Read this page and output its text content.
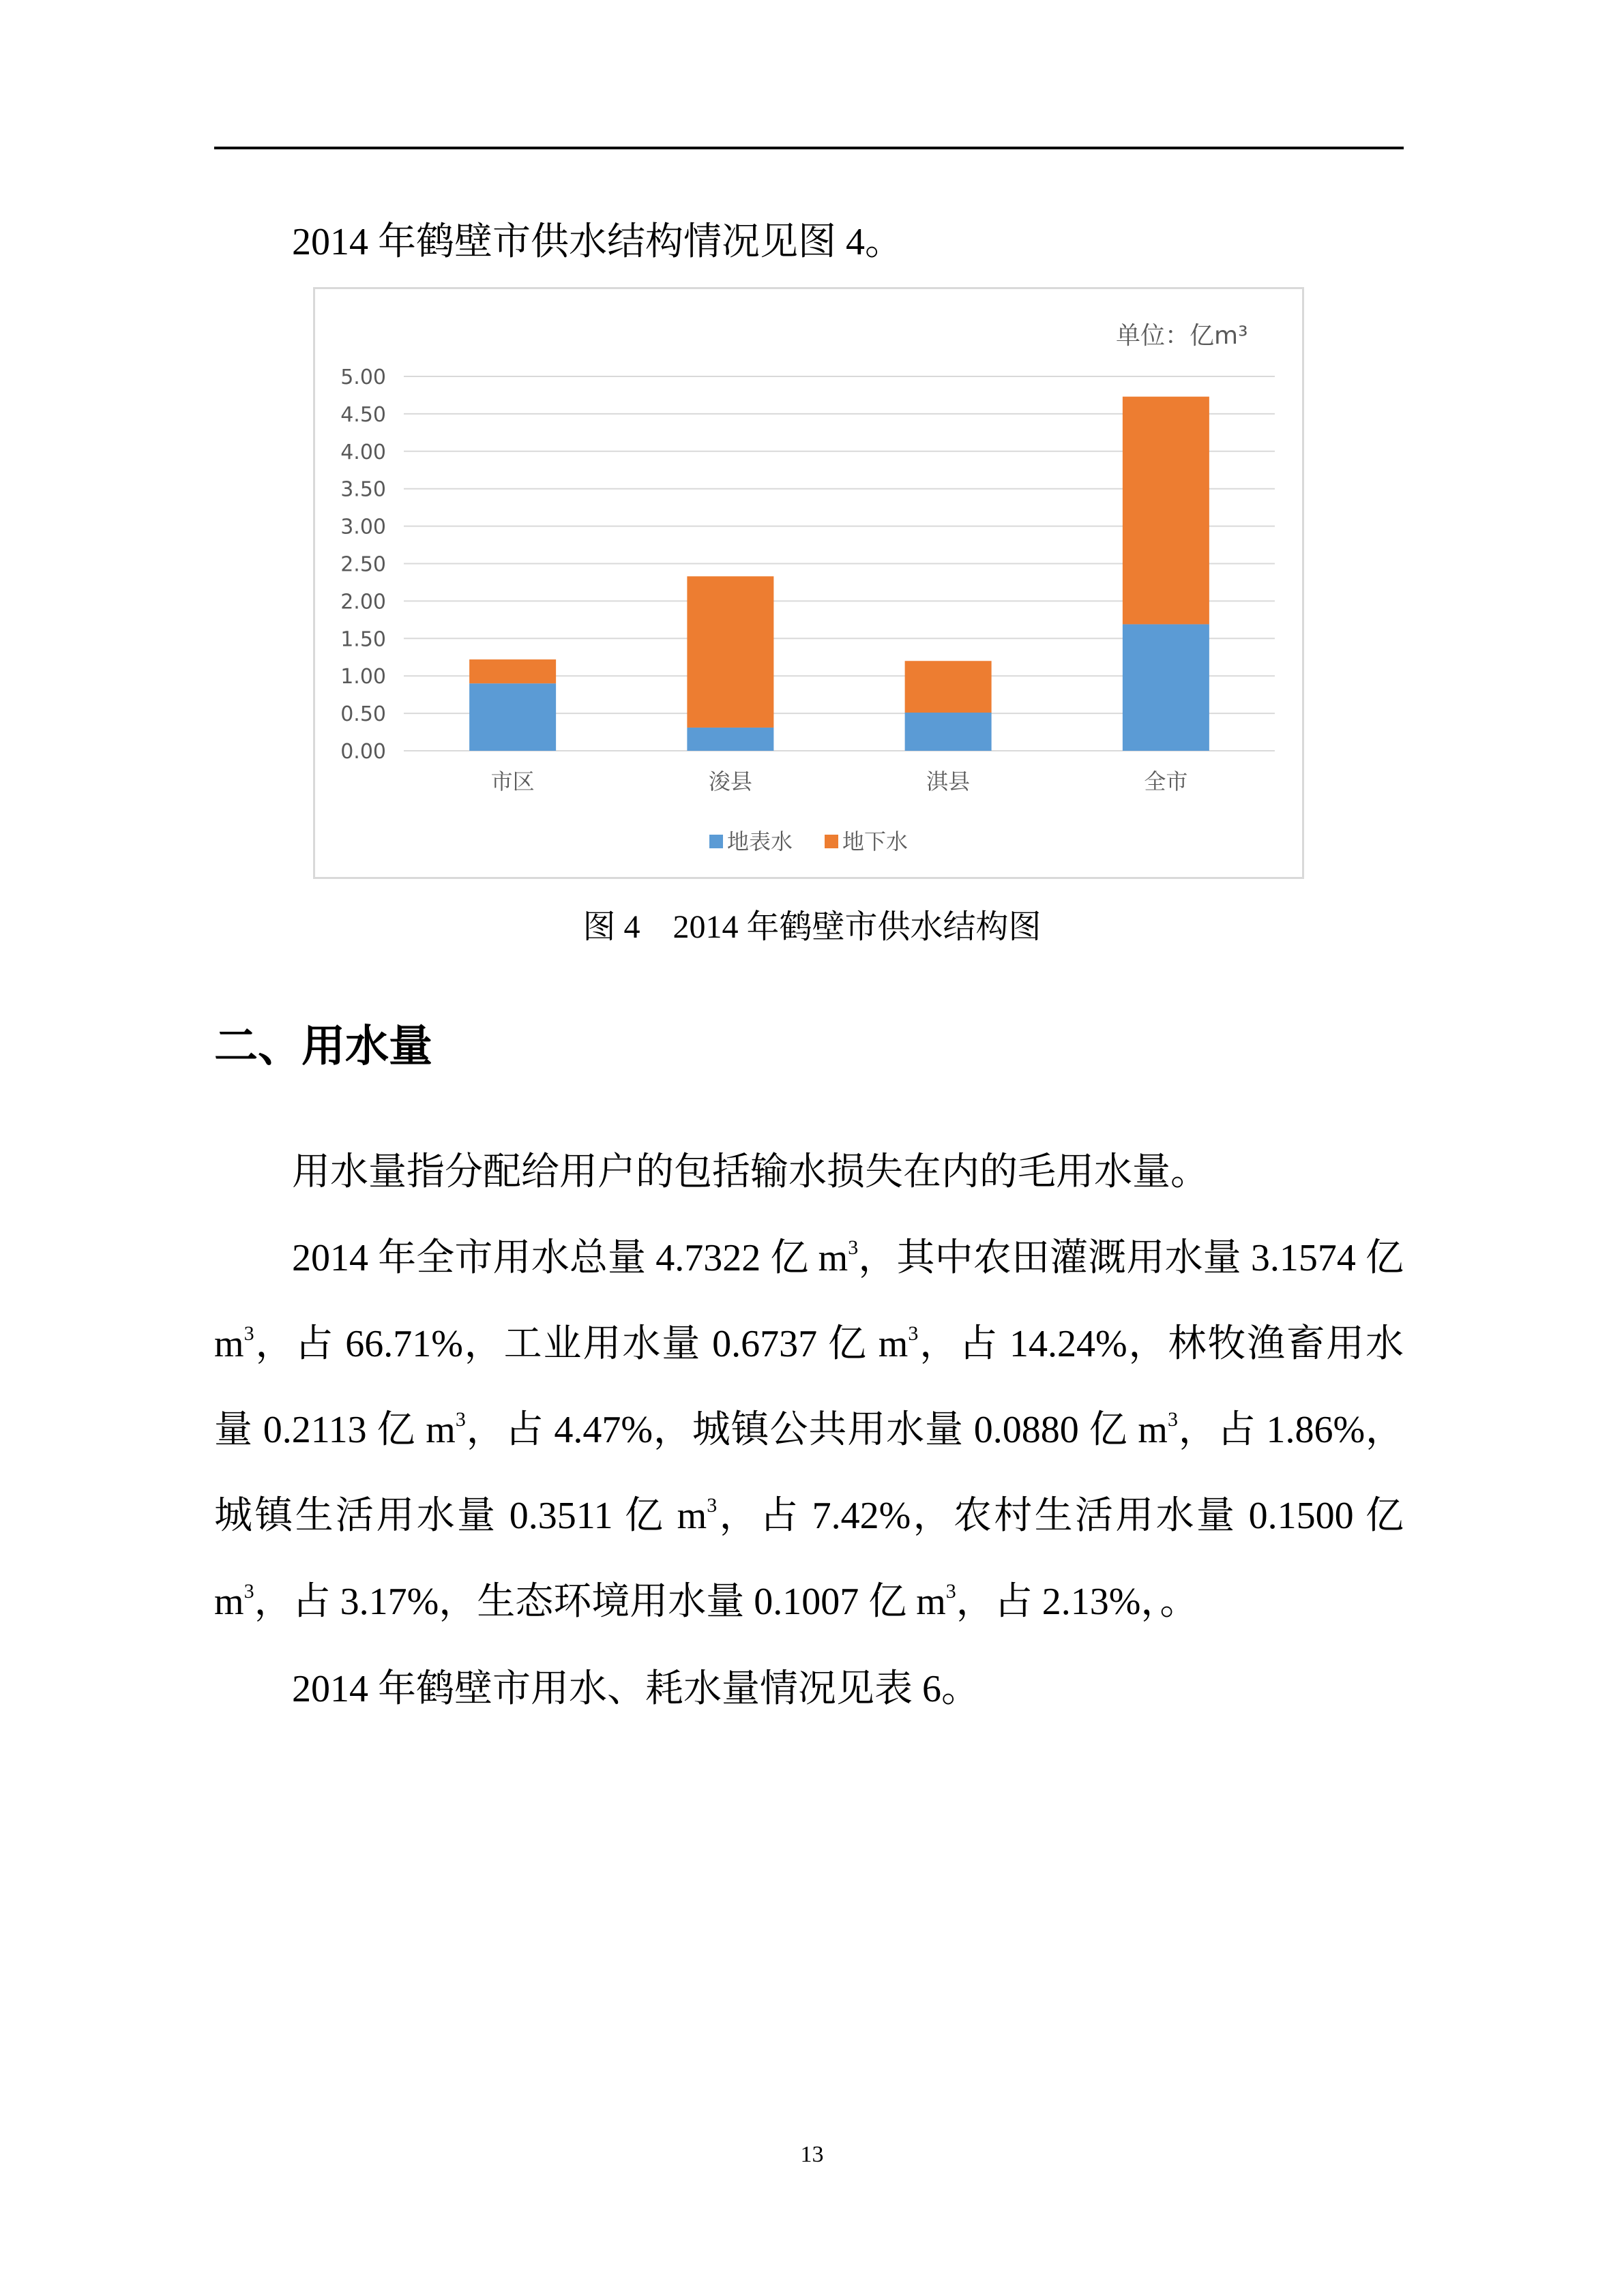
2014 年鹤壁市供水结构情况见图 4。

0.00
0.50
1.00
1.50
2.00
2.50
3.00
3.50
4.00
4.50
5.00
市区	浚县	淇县	全市
单位：亿m³
地表水 地下水
图 4　2014 年鹤壁市供水结构图
二、用水量

用水量指分配给用户的包括输水损失在内的毛用水量。

2014 年全市用水总量 4.7322 亿 $m^3$，其中农田灌溉用水量 3.1574 亿 $m^3$，占 66.71%，工业用水量 0.6737 亿 $m^3$，占 14.24%，林牧渔畜用水量 0.2113 亿 $m^3$，占 4.47%，城镇公共用水量 0.0880 亿 $m^3$，占 1.86%，城镇生活用水量 0.3511 亿 $m^3$，占 7.42%，农村生活用水量 0.1500 亿 $m^3$，占 3.17%，生态环境用水量 0.1007 亿 $m^3$，占 2.13%，。

2014 年鹤壁市用水、耗水量情况见表 6。

13
